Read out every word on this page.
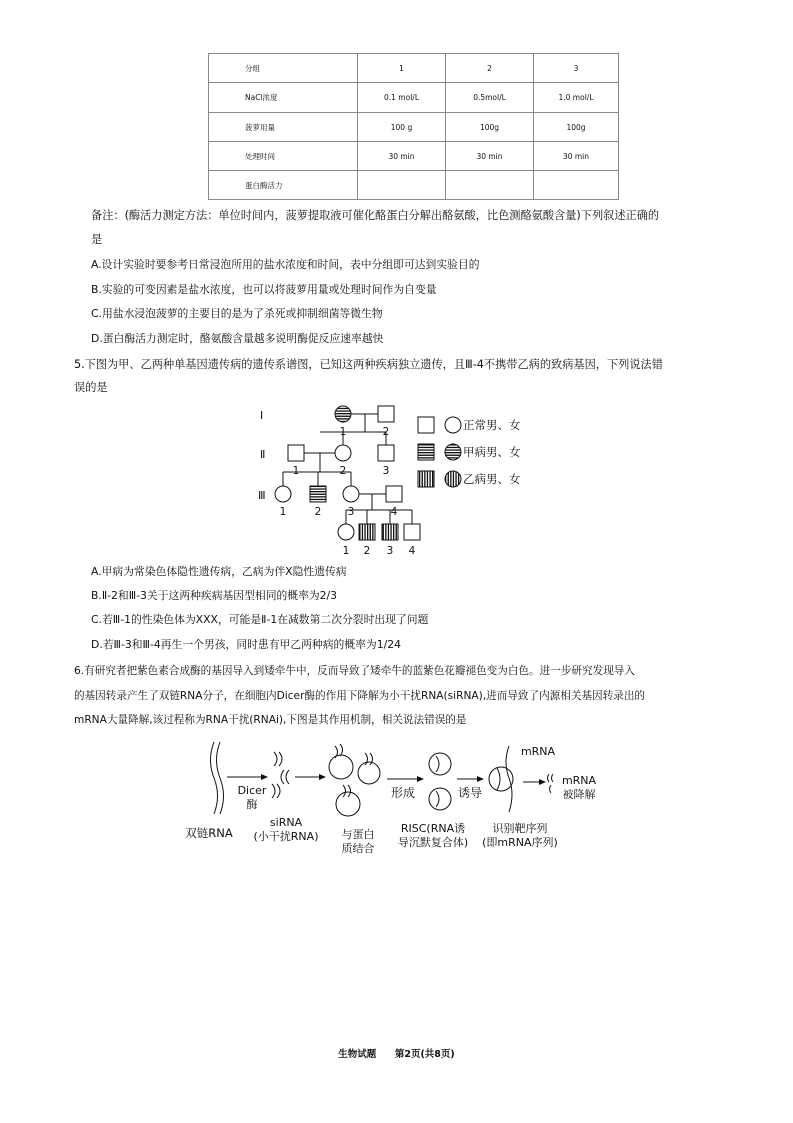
分组	1	2	3
NaCl浓度	0.1 mol/L	0.5mol/L	1.0 mol/L
菠萝用量	100 g	100g	100g
处理时间	30 min	30 min	30 min
蛋白酶活力			
备注：(酶活力测定方法：单位时间内，菠萝提取液可催化酪蛋白分解出酪氨酸，比色测酪氨酸含量)下列叙述正确的
是
A.设计实验时要参考日常浸泡所用的盐水浓度和时间，表中分组即可达到实验目的
B.实验的可变因素是盐水浓度，也可以将菠萝用量或处理时间作为自变量
C.用盐水浸泡菠萝的主要目的是为了杀死或抑制细菌等微生物
D.蛋白酶活力测定时，酪氨酸含量越多说明酶促反应速率越快
5.下图为甲、乙两种单基因遗传病的遗传系谱图，已知这两种疾病独立遗传，且Ⅲ-4不携带乙病的致病基因，下列说法错
误的是
Ⅰ
Ⅱ
Ⅲ
1	2
1	2	3
1	2	3	4
1 2 3 4
正常男、女
甲病男、女
乙病男、女
A.甲病为常染色体隐性遗传病，乙病为伴X隐性遗传病
B.Ⅱ-2和Ⅲ-3关于这两种疾病基因型相同的概率为2/3
C.若Ⅲ-1的性染色体为XXX，可能是Ⅱ-1在减数第二次分裂时出现了问题
D.若Ⅲ-3和Ⅲ-4再生一个男孩，同时患有甲乙两种病的概率为1/24
6.有研究者把紫色素合成酶的基因导入到矮牵牛中，反而导致了矮牵牛的蓝紫色花瓣褪色变为白色。进一步研究发现导入
的基因转录产生了双链RNA分子，在细胞内Dicer酶的作用下降解为小干扰RNA(siRNA),进而导致了内源相关基因转录出的
mRNA大量降解,该过程称为RNA干扰(RNAi),下图是其作用机制，相关说法错误的是
Dicer
酶
形成	诱导
mRNA
mRNA
被降解
双链RNA
siRNA
(小干扰RNA) 与蛋白
质结合
RISC(RNA诱
导沉默复合体)
识别靶序列
(即mRNA序列)
生物试题 第2页(共8页)
